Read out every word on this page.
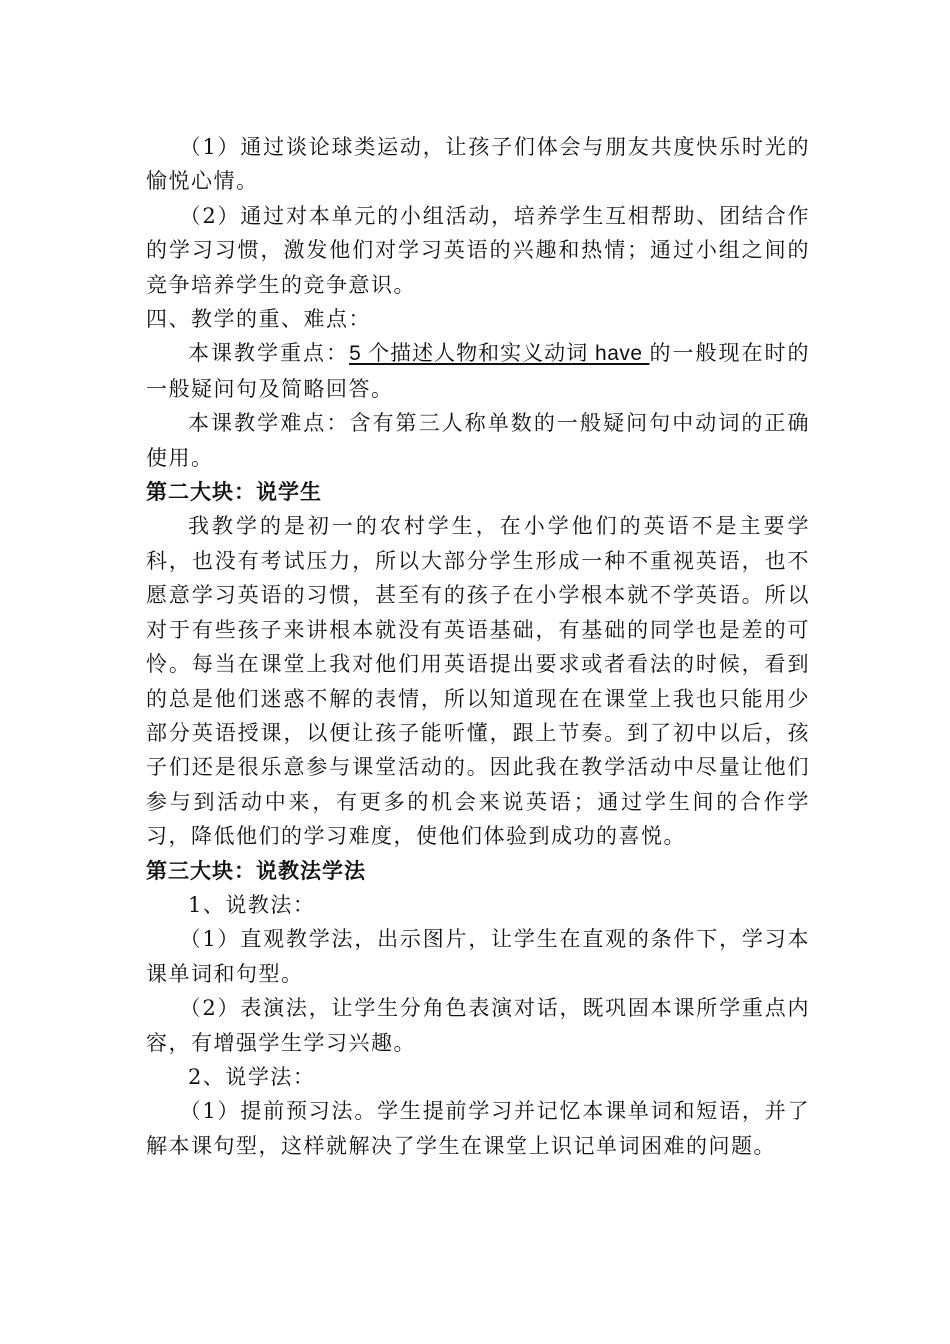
（1）通过谈论球类运动，让孩子们体会与朋友共度快乐时光的愉悦心情。

（2）通过对本单元的小组活动，培养学生互相帮助、团结合作的学习习惯，激发他们对学习英语的兴趣和热情；通过小组之间的竞争培养学生的竞争意识。

四、教学的重、难点：

本课教学重点：5 个描述人物和实义动词 have 的一般现在时的一般疑问句及简略回答。

本课教学难点：含有第三人称单数的一般疑问句中动词的正确使用。

第二大块：说学生

我教学的是初一的农村学生，在小学他们的英语不是主要学科，也没有考试压力，所以大部分学生形成一种不重视英语，也不愿意学习英语的习惯，甚至有的孩子在小学根本就不学英语。所以对于有些孩子来讲根本就没有英语基础，有基础的同学也是差的可怜。每当在课堂上我对他们用英语提出要求或者看法的时候，看到的总是他们迷惑不解的表情，所以知道现在在课堂上我也只能用少部分英语授课，以便让孩子能听懂，跟上节奏。到了初中以后，孩子们还是很乐意参与课堂活动的。因此我在教学活动中尽量让他们参与到活动中来，有更多的机会来说英语；通过学生间的合作学习，降低他们的学习难度，使他们体验到成功的喜悦。

第三大块：说教法学法

1、说教法：

（1）直观教学法，出示图片，让学生在直观的条件下，学习本课单词和句型。

（2）表演法，让学生分角色表演对话，既巩固本课所学重点内容，有增强学生学习兴趣。

2、说学法：

（1）提前预习法。学生提前学习并记忆本课单词和短语，并了解本课句型，这样就解决了学生在课堂上识记单词困难的问题。
